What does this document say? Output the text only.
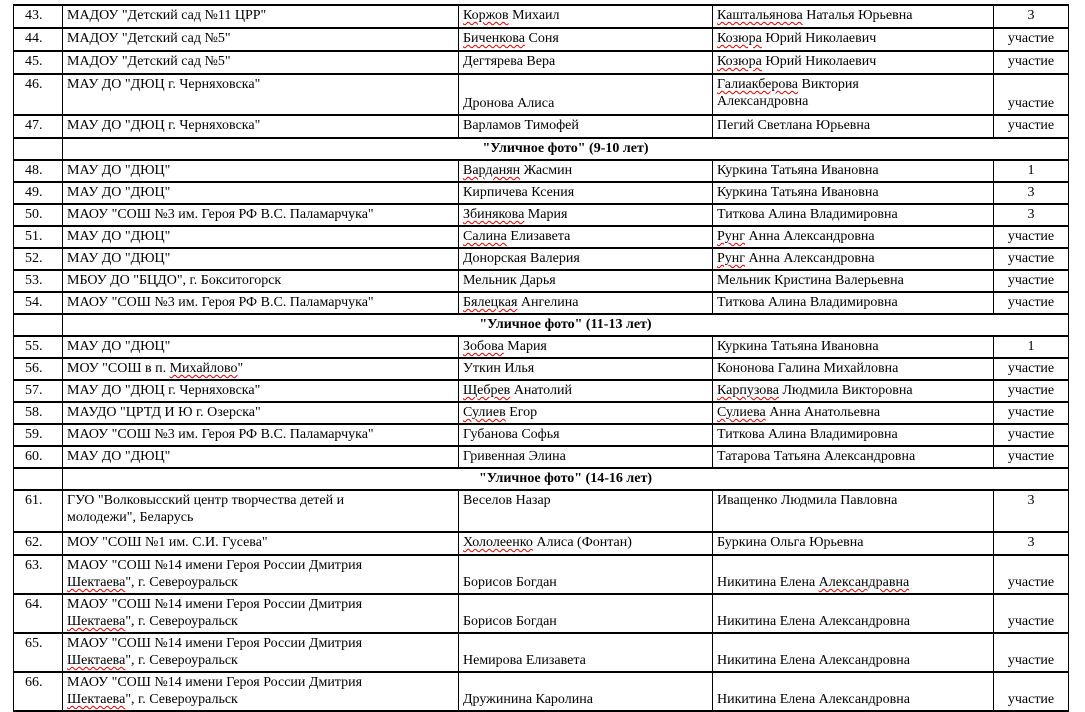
43.	МАДОУ "Детский сад №11 ЦРР"	Коржов Михаил	Каштальянова Наталья Юрьевна	3
44.	МАДОУ "Детский сад №5"	Биченкова Соня	Козюра Юрий Николаевич	участие
45.	МАДОУ "Детский сад №5"	Дегтярева Вера	Козюра Юрий Николаевич	участие
46.	МАУ ДО "ДЮЦ г. Черняховска"	Дронова Алиса	Галиакберова Виктория
Александровна	участие
47.	МАУ ДО "ДЮЦ г. Черняховска"	Варламов Тимофей	Пегий Светлана Юрьевна	участие
	"Уличное фото" (9-10 лет)			
48.	МАУ ДО "ДЮЦ"	Варданян Жасмин	Куркина Татьяна Ивановна	1
49.	МАУ ДО "ДЮЦ"	Кирпичева Ксения	Куркина Татьяна Ивановна	3
50.	МАОУ "СОШ №3 им. Героя РФ В.С. Паламарчука"	Збинякова Мария	Титкова Алина Владимировна	3
51.	МАУ ДО "ДЮЦ"	Салина Елизавета	Рунг Анна Александровна	участие
52.	МАУ ДО "ДЮЦ"	Донорская Валерия	Рунг Анна Александровна	участие
53.	МБОУ ДО "БЦДО", г. Бокситогорск	Мельник Дарья	Мельник Кристина Валерьевна	участие
54.	МАОУ "СОШ №3 им. Героя РФ В.С. Паламарчука"	Бялецкая Ангелина	Титкова Алина Владимировна	участие
	"Уличное фото" (11-13 лет)			
55.	МАУ ДО "ДЮЦ"	Зобова Мария	Куркина Татьяна Ивановна	1
56.	МОУ "СОШ в п. Михайлово"	Уткин Илья	Кононова Галина Михайловна	участие
57.	МАУ ДО "ДЮЦ г. Черняховска"	Щебрев Анатолий	Карпузова Людмила Викторовна	участие
58.	МАУДО "ЦРТД И Ю г. Озерска"	Сулиев Егор	Сулиева Анна Анатольевна	участие
59.	МАОУ "СОШ №3 им. Героя РФ В.С. Паламарчука"	Губанова Софья	Титкова Алина Владимировна	участие
60.	МАУ ДО "ДЮЦ"	Гривенная Элина	Татарова Татьяна Александровна	участие
	"Уличное фото" (14-16 лет)			
61.	ГУО "Волковысский центр творчества детей и
молодежи", Беларусь	Веселов Назар	Иващенко Людмила Павловна	3
62.	МОУ "СОШ №1 им. С.И. Гусева"	Хололеенко Алиса (Фонтан)	Буркина Ольга Юрьевна	3
63.	МАОУ "СОШ №14 имени Героя России Дмитрия
Шектаева", г. Североуральск	Борисов Богдан	Никитина Елена Александравна	участие
64.	МАОУ "СОШ №14 имени Героя России Дмитрия
Шектаева", г. Североуральск	Борисов Богдан	Никитина Елена Александровна	участие
65.	МАОУ "СОШ №14 имени Героя России Дмитрия
Шектаева", г. Североуральск	Немирова Елизавета	Никитина Елена Александровна	участие
66.	МАОУ "СОШ №14 имени Героя России Дмитрия
Шектаева", г. Североуральск	Дружинина Каролина	Никитина Елена Александровна	участие
